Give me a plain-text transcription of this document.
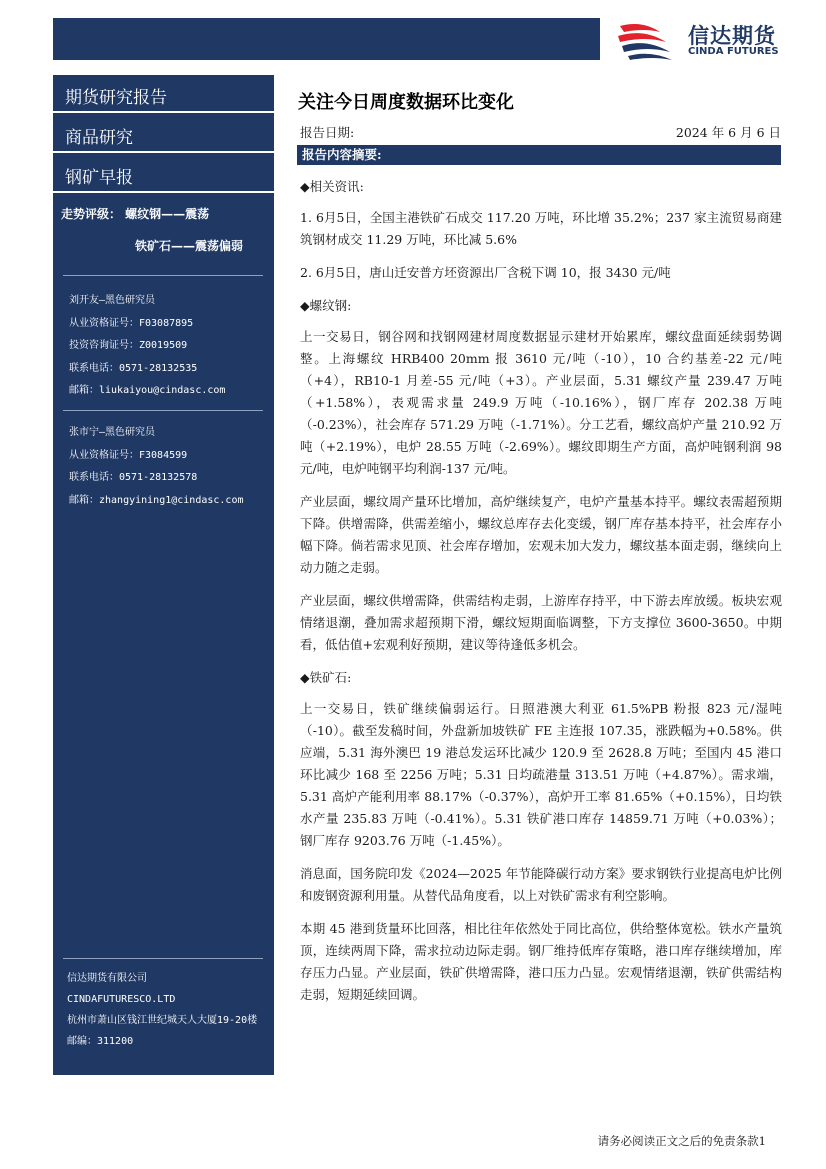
信达期货
CINDA FUTURES
期货研究报告
商品研究
钢矿早报
走势评级： 螺纹钢——震荡
铁矿石——震荡偏弱
刘开友—黑色研究员
从业资格证号：F03087895
投资咨询证号：Z0019509
联系电话：0571-28132535
邮箱：liukaiyou@cindasc.com
张市宁—黑色研究员
从业资格证号：F3084599
联系电话：0571-28132578
邮箱：zhangyining1@cindasc.com
信达期货有限公司
CINDAFUTURESCO.LTD
杭州市萧山区钱江世纪城天人大厦19-20楼
邮编：311200
关注今日周度数据环比变化
报告日期:	2024 年 6 月 6 日
报告内容摘要:

◆相关资讯:

1. 6月5日，全国主港铁矿石成交 117.20 万吨，环比增 35.2%；237 家主流贸易商建筑钢材成交 11.29 万吨，环比减 5.6%

2. 6月5日，唐山迁安普方坯资源出厂含税下调 10，报 3430 元/吨

◆螺纹钢:

上一交易日，钢谷网和找钢网建材周度数据显示建材开始累库，螺纹盘面延续弱势调整。上海螺纹 HRB400 20mm 报 3610 元/吨（-10），10 合约基差-22 元/吨（+4），RB10-1 月差-55 元/吨（+3）。产业层面，5.31 螺纹产量 239.47 万吨（+1.58%），表观需求量 249.9 万吨（-10.16%），钢厂库存 202.38 万吨（-0.23%），社会库存 571.29 万吨（-1.71%）。分工艺看，螺纹高炉产量 210.92 万吨（+2.19%），电炉 28.55 万吨（-2.69%）。螺纹即期生产方面，高炉吨钢利润 98 元/吨，电炉吨钢平均利润-137 元/吨。

产业层面，螺纹周产量环比增加，高炉继续复产，电炉产量基本持平。螺纹表需超预期下降。供增需降，供需差缩小，螺纹总库存去化变缓，钢厂库存基本持平，社会库存小幅下降。倘若需求见顶、社会库存增加，宏观未加大发力，螺纹基本面走弱，继续向上动力随之走弱。

产业层面，螺纹供增需降，供需结构走弱，上游库存持平，中下游去库放缓。板块宏观情绪退潮，叠加需求超预期下滑，螺纹短期面临调整，下方支撑位 3600-3650。中期看，低估值+宏观利好预期，建议等待逢低多机会。

◆铁矿石:

上一交易日，铁矿继续偏弱运行。日照港澳大利亚 61.5%PB 粉报 823 元/湿吨（-10）。截至发稿时间，外盘新加坡铁矿 FE 主连报 107.35，涨跌幅为+0.58%。供应端，5.31 海外澳巴 19 港总发运环比减少 120.9 至 2628.8 万吨；至国内 45 港口环比减少 168 至 2256 万吨；5.31 日均疏港量 313.51 万吨（+4.87%）。需求端，5.31 高炉产能利用率 88.17%（-0.37%），高炉开工率 81.65%（+0.15%），日均铁水产量 235.83 万吨（-0.41%）。5.31 铁矿港口库存 14859.71 万吨（+0.03%）；钢厂库存 9203.76 万吨（-1.45%）。

消息面，国务院印发《2024—2025 年节能降碳行动方案》要求钢铁行业提高电炉比例和废钢资源利用量。从替代品角度看，以上对铁矿需求有利空影响。

本期 45 港到货量环比回落，相比往年依然处于同比高位，供给整体宽松。铁水产量筑顶，连续两周下降，需求拉动边际走弱。钢厂维持低库存策略，港口库存继续增加，库存压力凸显。产业层面，铁矿供增需降，港口压力凸显。宏观情绪退潮，铁矿供需结构走弱，短期延续回调。

请务必阅读正文之后的免责条款1
